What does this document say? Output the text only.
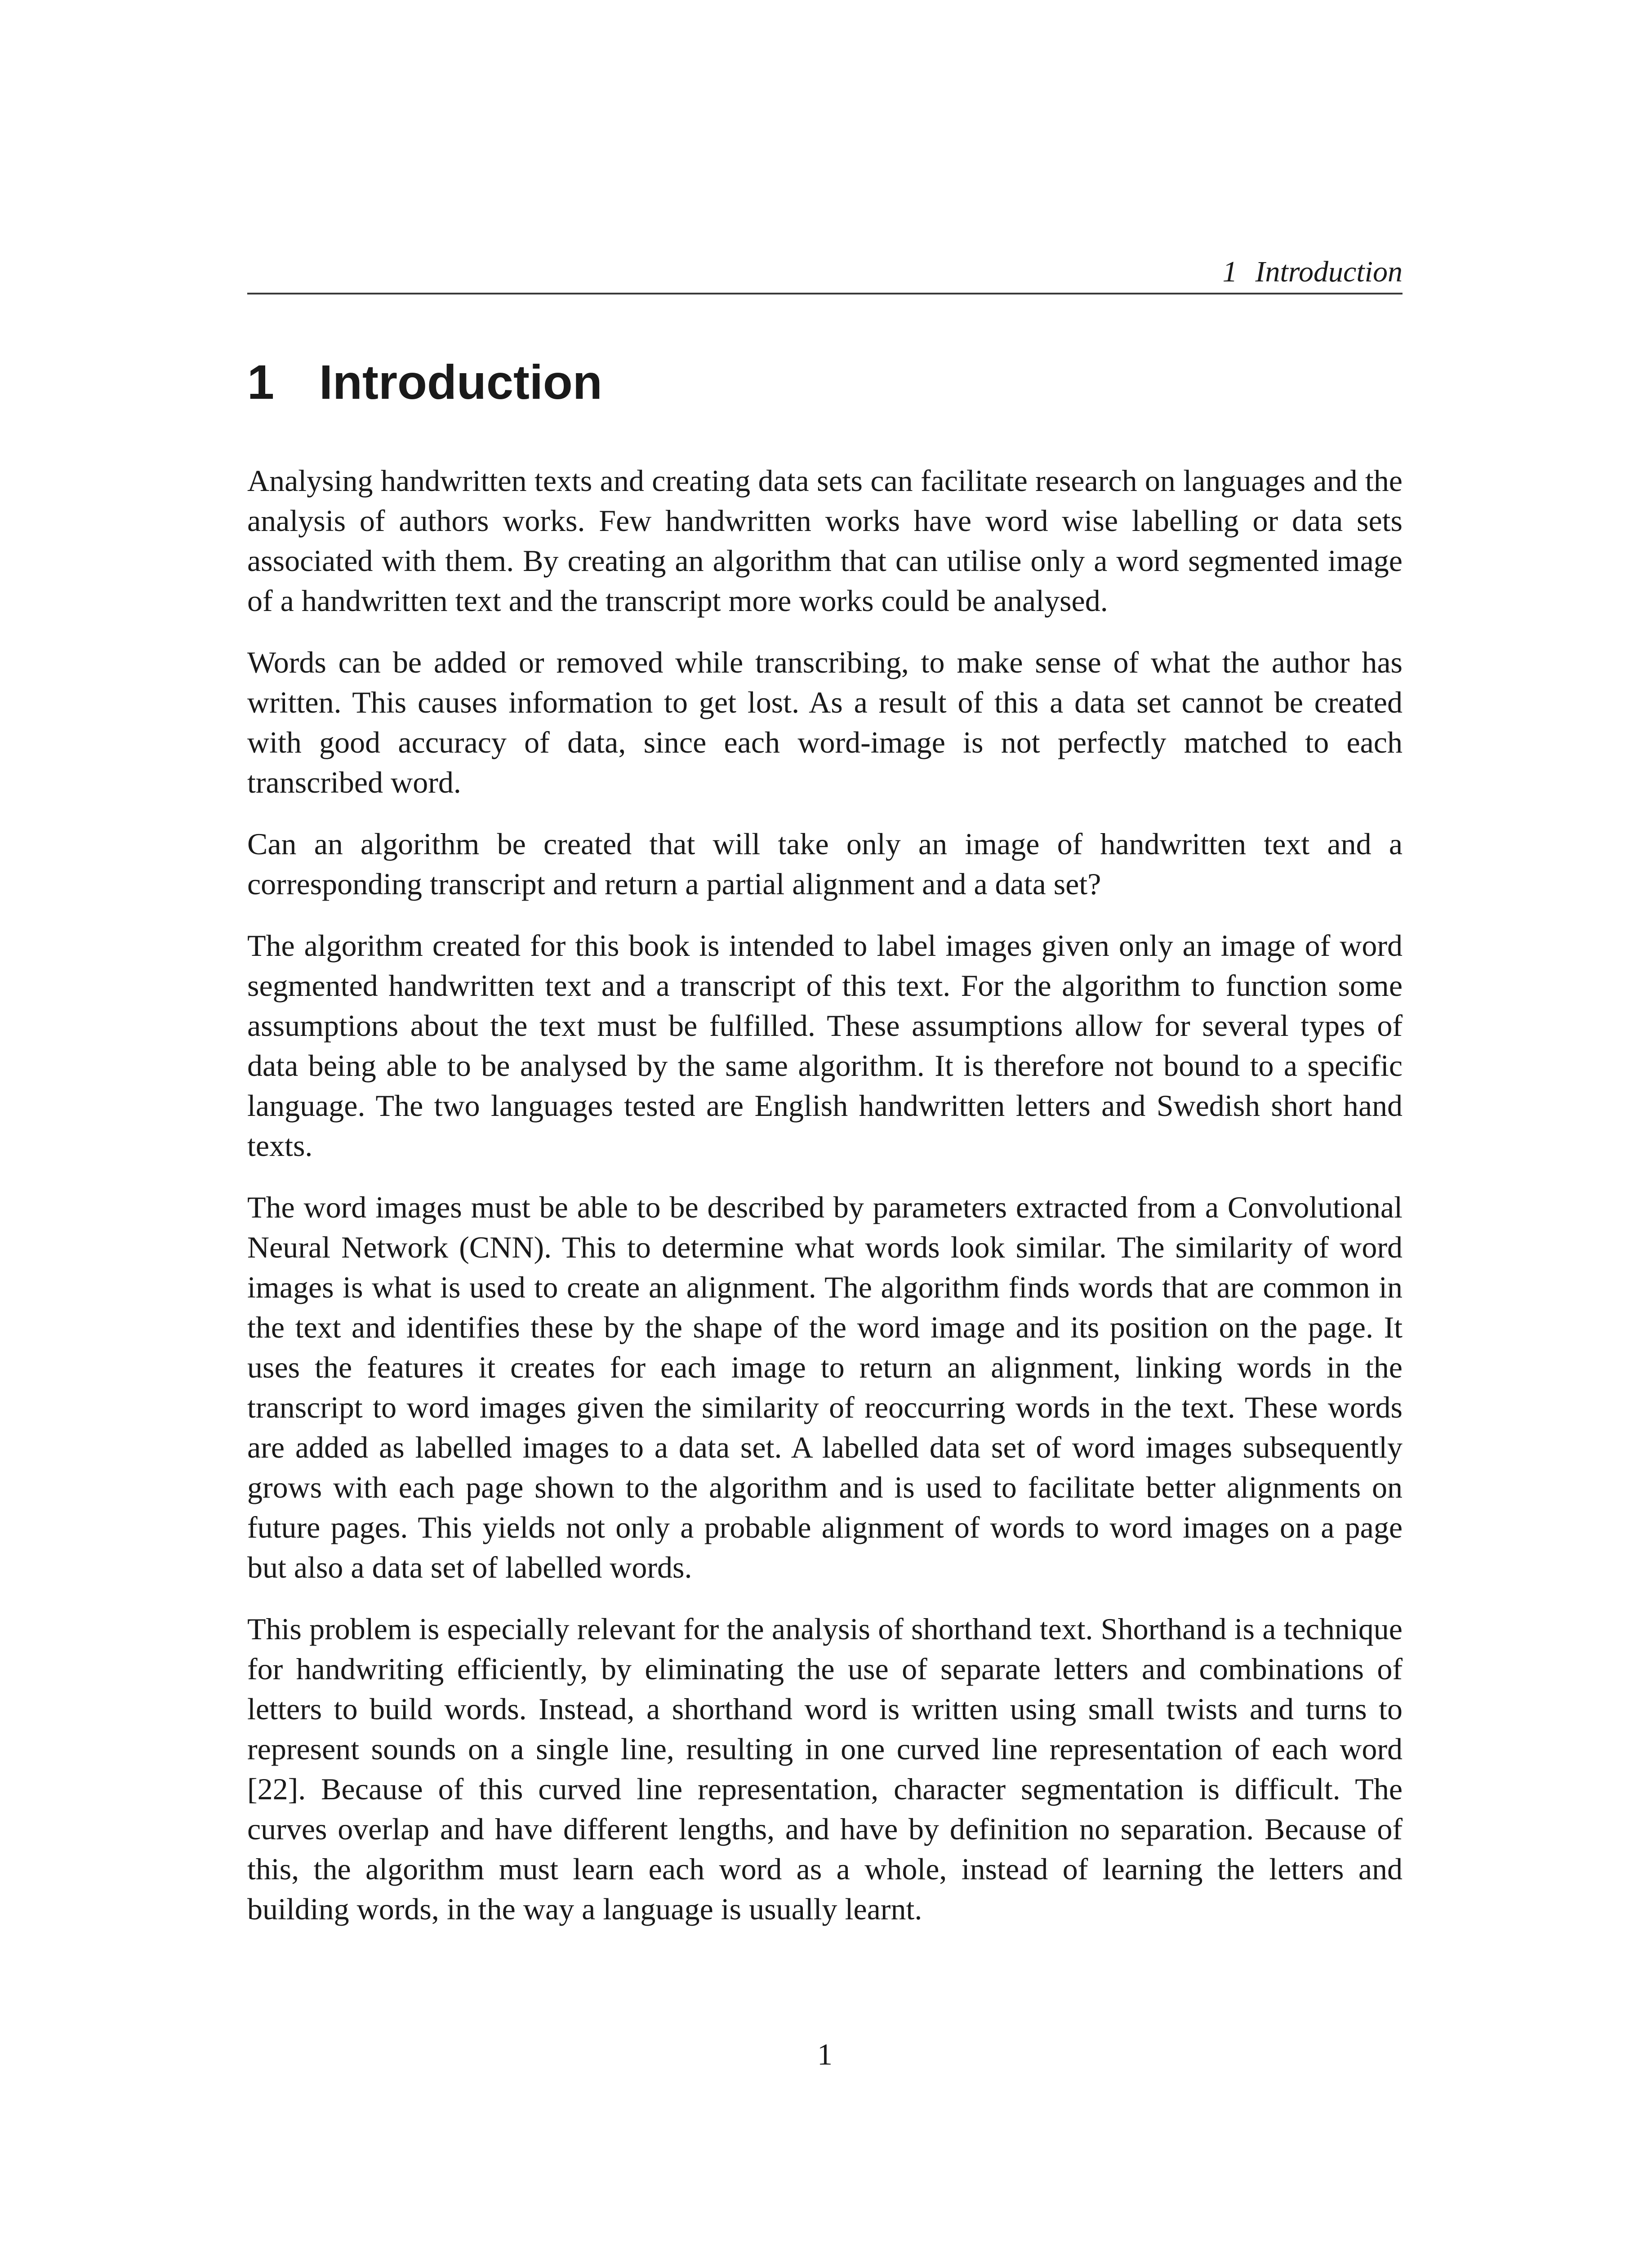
1 Introduction
1 Introduction

Analysing handwritten texts and creating data sets can facilitate research on languages and the analysis of authors works. Few handwritten works have word wise labelling or data sets associated with them. By creating an algorithm that can utilise only a word segmented image of a handwritten text and the transcript more works could be analysed.

Words can be added or removed while transcribing, to make sense of what the author has written. This causes information to get lost. As a result of this a data set cannot be created with good accuracy of data, since each word-image is not perfectly matched to each transcribed word.

Can an algorithm be created that will take only an image of handwritten text and a corresponding transcript and return a partial alignment and a data set?

The algorithm created for this book is intended to label images given only an image of word segmented handwritten text and a transcript of this text. For the algorithm to function some assumptions about the text must be fulfilled. These assumptions allow for several types of data being able to be analysed by the same algorithm. It is therefore not bound to a specific language. The two languages tested are English handwritten letters and Swedish short hand texts.

The word images must be able to be described by parameters extracted from a Convolutional Neural Network (CNN). This to determine what words look similar. The similarity of word images is what is used to create an alignment. The algorithm finds words that are common in the text and identifies these by the shape of the word image and its position on the page. It uses the features it creates for each image to return an alignment, linking words in the transcript to word images given the similarity of reoccurring words in the text. These words are added as labelled images to a data set. A labelled data set of word images subsequently grows with each page shown to the algorithm and is used to facilitate better alignments on future pages. This yields not only a probable alignment of words to word images on a page but also a data set of labelled words.

This problem is especially relevant for the analysis of shorthand text. Shorthand is a technique for handwriting efficiently, by eliminating the use of separate letters and combinations of letters to build words. Instead, a shorthand word is written using small twists and turns to represent sounds on a single line, resulting in one curved line representation of each word [22]. Because of this curved line representation, character segmentation is difficult. The curves overlap and have different lengths, and have by definition no separation. Because of this, the algorithm must learn each word as a whole, instead of learning the letters and building words, in the way a language is usually learnt.

1
